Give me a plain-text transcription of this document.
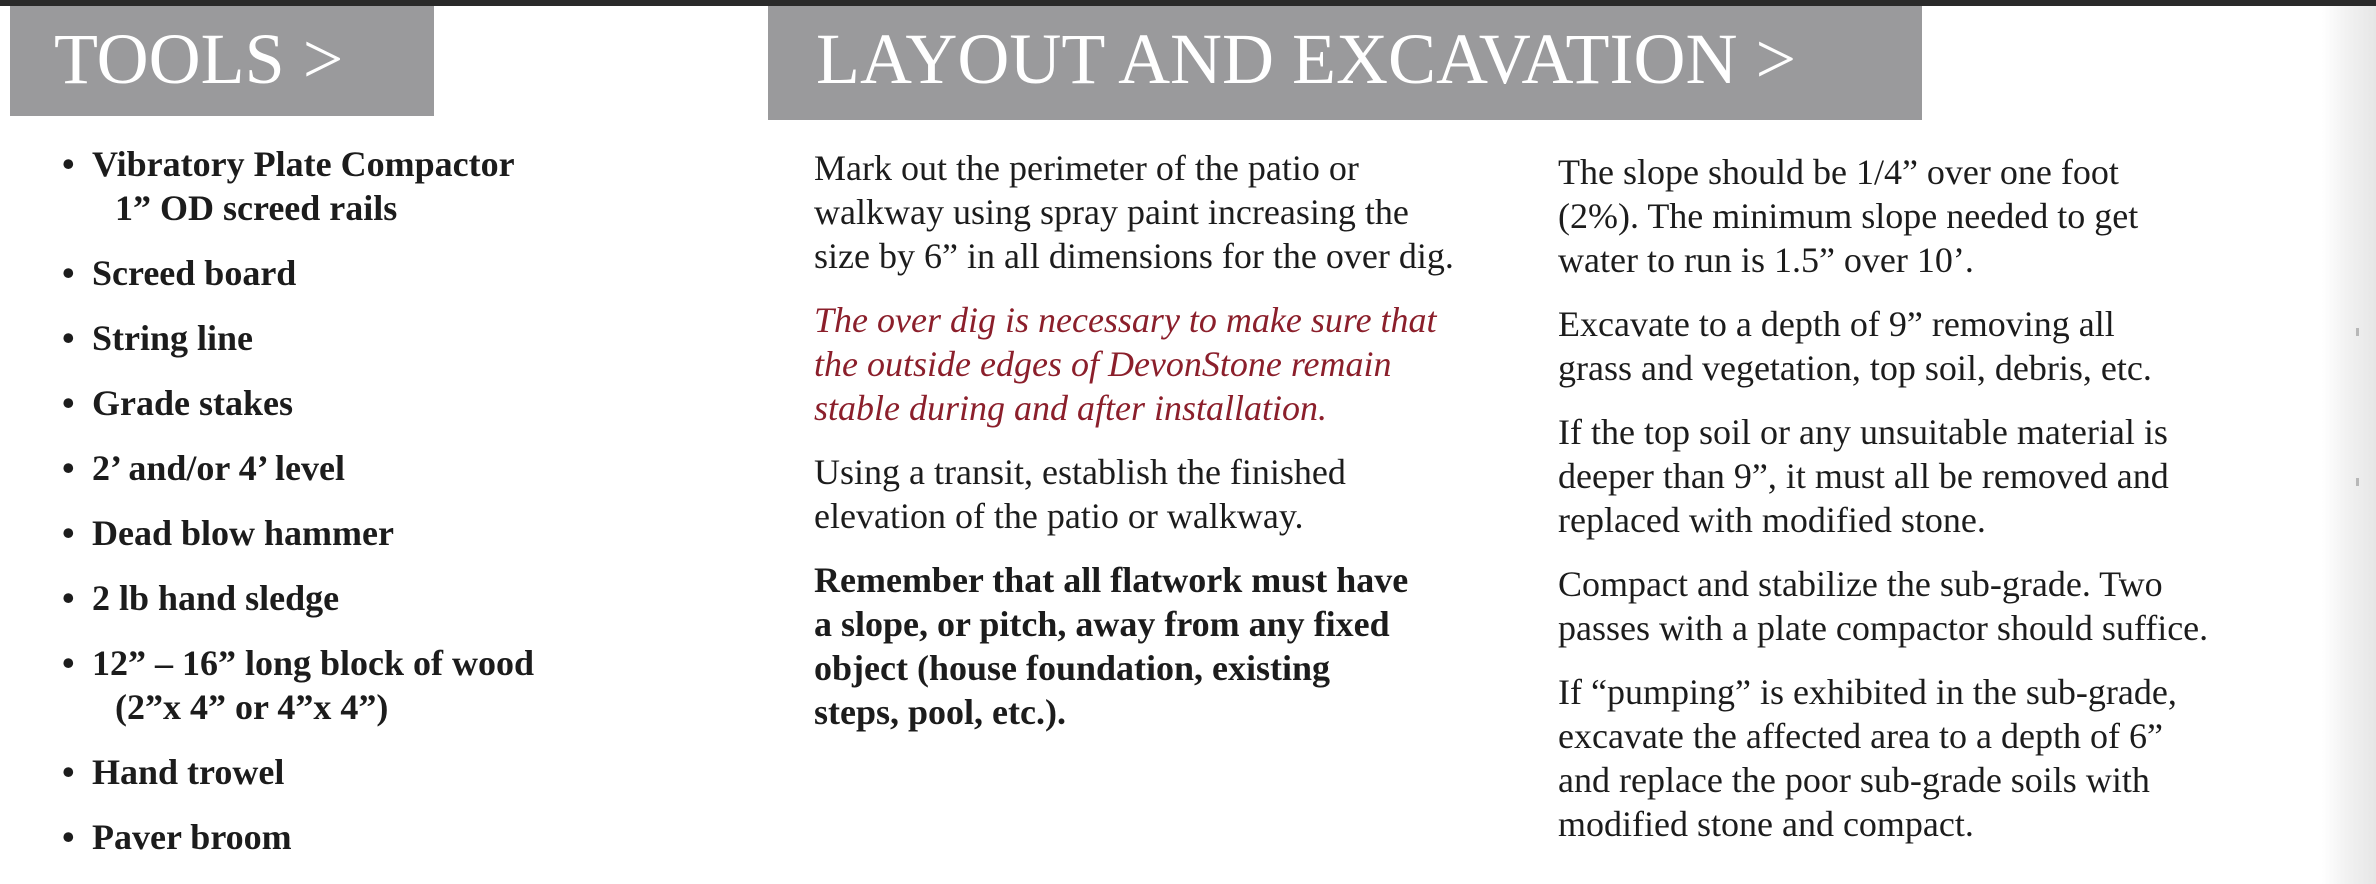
TOOLS >	LAYOUT AND EXCAVATION >
• Vibratory Plate Compactor
1” OD screed rails
• Screed board
• String line
• Grade stakes
• 2’ and/or 4’ level
• Dead blow hammer
• 2 lb hand sledge
• 12” – 16” long block of wood
(2”x 4” or 4”x 4”)
• Hand trowel
• Paver broom

Mark out the perimeter of the patio or
walkway using spray paint increasing the
size by 6” in all dimensions for the over dig.

The over dig is necessary to make sure that
the outside edges of DevonStone remain
stable during and after installation.

Using a transit, establish the finished
elevation of the patio or walkway.

Remember that all flatwork must have
a slope, or pitch, away from any fixed
object (house foundation, existing
steps, pool, etc.).

The slope should be 1/4” over one foot
(2%). The minimum slope needed to get
water to run is 1.5” over 10’.

Excavate to a depth of 9” removing all
grass and vegetation, top soil, debris, etc.

If the top soil or any unsuitable material is
deeper than 9”, it must all be removed and
replaced with modified stone.

Compact and stabilize the sub-grade. Two
passes with a plate compactor should suffice.

If “pumping” is exhibited in the sub-grade,
excavate the affected area to a depth of 6”
and replace the poor sub-grade soils with
modified stone and compact.
